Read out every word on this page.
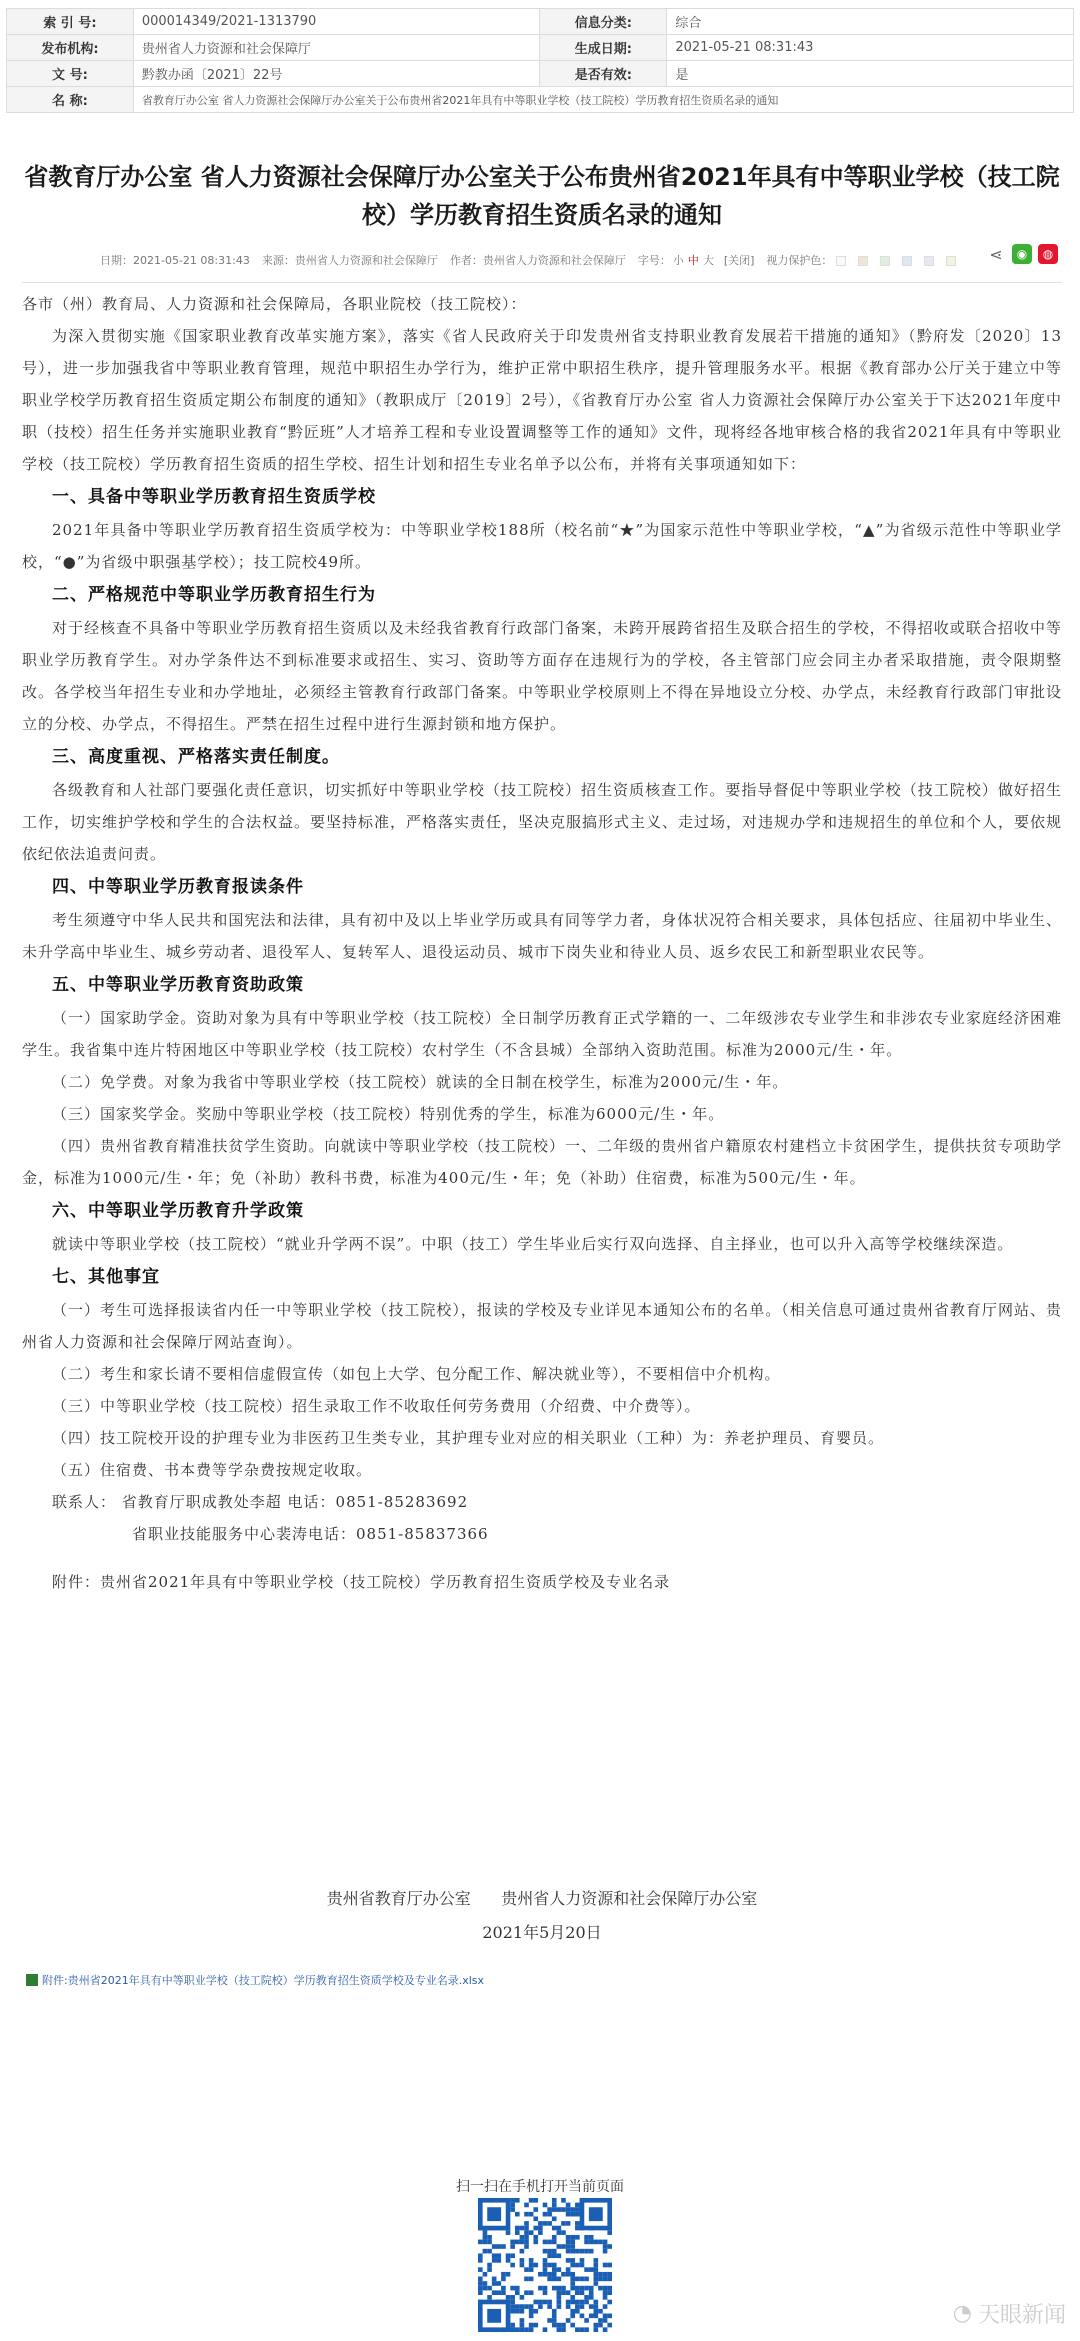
索 引 号:	000014349/2021-1313790	信息分类:	综合
发布机构:	贵州省人力资源和社会保障厅	生成日期:	2021-05-21 08:31:43
文 号:	黔教办函〔2021〕22号	是否有效:	是
名 称:	省教育厅办公室 省人力资源社会保障厅办公室关于公布贵州省2021年具有中等职业学校（技工院校）学历教育招生资质名录的通知		
省教育厅办公室 省人力资源社会保障厅办公室关于公布贵州省2021年具有中等职业学校（技工院校）学历教育招生资质名录的通知
日期：2021-05-21 08:31:43 来源：贵州省人力资源和社会保障厅 作者：贵州省人力资源和社会保障厅 字号： 小 中 大 [关闭] 视力保护色：	⋖	◉	◍

各市（州）教育局、人力资源和社会保障局，各职业院校（技工院校）：

为深入贯彻实施《国家职业教育改革实施方案》，落实《省人民政府关于印发贵州省支持职业教育发展若干措施的通知》（黔府发〔2020〕13号），进一步加强我省中等职业教育管理，规范中职招生办学行为，维护正常中职招生秩序，提升管理服务水平。根据《教育部办公厅关于建立中等职业学校学历教育招生资质定期公布制度的通知》（教职成厅〔2019〕2号），《省教育厅办公室 省人力资源社会保障厅办公室关于下达2021年度中职（技校）招生任务并实施职业教育“黔匠班”人才培养工程和专业设置调整等工作的通知》文件，现将经各地审核合格的我省2021年具有中等职业学校（技工院校）学历教育招生资质的招生学校、招生计划和招生专业名单予以公布，并将有关事项通知如下：

一、具备中等职业学历教育招生资质学校

2021年具备中等职业学历教育招生资质学校为：中等职业学校188所（校名前“★”为国家示范性中等职业学校，“▲”为省级示范性中等职业学校，“●”为省级中职强基学校）；技工院校49所。

二、严格规范中等职业学历教育招生行为

对于经核查不具备中等职业学历教育招生资质以及未经我省教育行政部门备案，未跨开展跨省招生及联合招生的学校，不得招收或联合招收中等职业学历教育学生。对办学条件达不到标准要求或招生、实习、资助等方面存在违规行为的学校，各主管部门应会同主办者采取措施，责令限期整改。各学校当年招生专业和办学地址，必须经主管教育行政部门备案。中等职业学校原则上不得在异地设立分校、办学点，未经教育行政部门审批设立的分校、办学点，不得招生。严禁在招生过程中进行生源封锁和地方保护。

三、高度重视、严格落实责任制度。

各级教育和人社部门要强化责任意识，切实抓好中等职业学校（技工院校）招生资质核查工作。要指导督促中等职业学校（技工院校）做好招生工作，切实维护学校和学生的合法权益。要坚持标准，严格落实责任，坚决克服搞形式主义、走过场，对违规办学和违规招生的单位和个人，要依规依纪依法追责问责。

四、中等职业学历教育报读条件

考生须遵守中华人民共和国宪法和法律，具有初中及以上毕业学历或具有同等学力者，身体状况符合相关要求，具体包括应、往届初中毕业生、未升学高中毕业生、城乡劳动者、退役军人、复转军人、退役运动员、城市下岗失业和待业人员、返乡农民工和新型职业农民等。

五、中等职业学历教育资助政策

（一）国家助学金。资助对象为具有中等职业学校（技工院校）全日制学历教育正式学籍的一、二年级涉农专业学生和非涉农专业家庭经济困难学生。我省集中连片特困地区中等职业学校（技工院校）农村学生（不含县城）全部纳入资助范围。标准为2000元/生・年。

（二）免学费。对象为我省中等职业学校（技工院校）就读的全日制在校学生，标准为2000元/生・年。

（三）国家奖学金。奖励中等职业学校（技工院校）特别优秀的学生，标准为6000元/生・年。

（四）贵州省教育精准扶贫学生资助。向就读中等职业学校（技工院校）一、二年级的贵州省户籍原农村建档立卡贫困学生，提供扶贫专项助学金，标准为1000元/生・年；免（补助）教科书费，标准为400元/生・年；免（补助）住宿费，标准为500元/生・年。

六、中等职业学历教育升学政策

就读中等职业学校（技工院校）“就业升学两不误”。中职（技工）学生毕业后实行双向选择、自主择业，也可以升入高等学校继续深造。

七、其他事宜

（一）考生可选择报读省内任一中等职业学校（技工院校），报读的学校及专业详见本通知公布的名单。（相关信息可通过贵州省教育厅网站、贵州省人力资源和社会保障厅网站查询）。

（二）考生和家长请不要相信虚假宣传（如包上大学、包分配工作、解决就业等），不要相信中介机构。

（三）中等职业学校（技工院校）招生录取工作不收取任何劳务费用（介绍费、中介费等）。

（四）技工院校开设的护理专业为非医药卫生类专业，其护理专业对应的相关职业（工种）为：养老护理员、育婴员。

（五）住宿费、书本费等学杂费按规定收取。

联系人： 省教育厅职成教处李超 电话：0851-85283692

省职业技能服务中心裴涛电话：0851-85837366

附件：贵州省2021年具有中等职业学校（技工院校）学历教育招生资质学校及专业名录

贵州省教育厅办公室 贵州省人力资源和社会保障厅办公室
2021年5月20日
附件:贵州省2021年具有中等职业学校（技工院校）学历教育招生资质学校及专业名录.xlsx
扫一扫在手机打开当前页面
◔ 天眼新闻
